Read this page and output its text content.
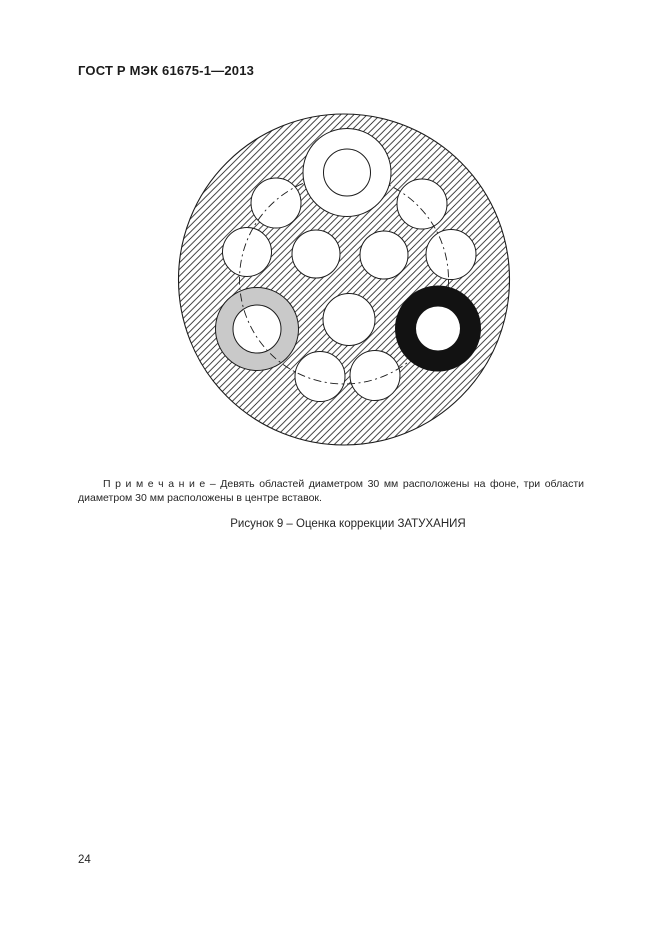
ГОСТ Р МЭК 61675-1—2013

П р и м е ч а н и е – Девять областей диаметром 30 мм расположены на фоне, три области диаметром 30 мм расположены в центре вставок.

Рисунок 9 – Оценка коррекции ЗАТУХАНИЯ
24
